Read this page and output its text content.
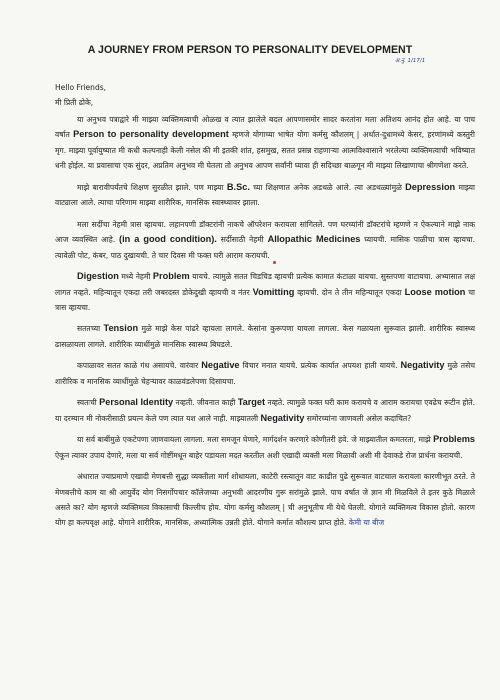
A JOURNEY FROM PERSON TO PERSONALITY DEVELOPMENT
अ.नु. 1/17/1

Hello Friends,

मी प्रिती ढोके,

या अनुभव पत्राद्वारे मी माझ्या व्यक्तिमत्वाची ओळख व त्यात झालेले बदल आपणासमोर सादर करतांना मला अतिशय आनंद होत आहे. या पाच वर्षात Person to personality development म्हणजे योगाच्या भाषेत योगः कर्मसु कौशलम् | अर्थात-दुधामध्ये केसर, हरणांमध्ये कस्तुरी मृग. माझ्या पूर्वायुष्यात मी कधी कल्पनाही केली नसेल की मी इतकी शांत, हसमुख, सतत प्रसन्न राहणाऱ्या आत्मविश्वासाने भरलेल्या व्यक्तिमत्वाची भविष्यात धनी होईल. या प्रवासाचा एक सुंदर, अप्रतिम अनुभव मी घेतला तो अनुभव आपण सर्वांनी घ्यावा ही सदिच्छा बाळगून मी माझ्या लिखाणाचा श्रीगणेशा करते.

माझे बारावीपर्यंतचे शिक्षण सुरळीत झाले. पण माझ्या B.Sc. च्या शिक्षणात अनेक अडथळे आले. त्या अडथळ्यांमुळे Depression माझ्या वाट्याला आले. त्याचा परिणाम माझ्या शारीरिक, मानसिक स्वास्थ्यावर झाला.

मला सर्दीचा नेहमी त्रास व्हायचा. लहानपणी डॉक्टरांनी नाकचे ऑपरेशन करायला सांगितले. पण घरच्यांनी डॉक्टरांचे म्हणणे न ऐकल्याने माझे नाक आज व्यवस्थित आहे. (in a good condition). सर्दीसाठी नेहमी Allopathic Medicines घ्यायची. मासिक पाळीचा त्रास व्हायचा. त्यावेळी पोट, कंबर, पाठ दुखायची. ते चार दिवस मी फक्त घरी आराम करायची.

Digestion मध्ये नेहमी Problem यायचे. त्यामुळे सतत चिडचिड व्हायची प्रत्येक कामात कंटाळा यायचा. सुस्तपणा वाटायचा. अभ्यासात लक्ष लागत नव्हते. महिन्यातून एकदा तरी जबरदस्त डोकेदुखी व्हायची व नंतर Vomitting व्हायची. दोन ते तीन महिन्यातून एकदा Loose motion चा त्रास व्हायचा.

सततच्या Tension मुळे माझे केस पांढरे व्हायला लागले. केसांना कुरूपणा यायला लागला. केस गळायला सुरूवात झाली. शारीरिक स्वास्थ्य ढासळायला लागले. शारीरिक व्याधींमुळे मानसिक स्वास्थ्य बिघडले.

कपाळावर सतत काळे गंध असायचे. वारंवार Negative विचार मनात यायचे. प्रत्येक कार्यात अपयश हाती यायचे. Negativity मुळे तसेच शारीरिक व मानसिक व्याधींमुळे चेहऱ्यावर काळवंडलेपणा दिसायचा.

स्वतःची Personal Identity नव्हती. जीवनात काही Target नव्हते. त्यामुळे फक्त घरी काम करायचे व आराम करायचा एवढेच रूटीन होते. या दरम्यान मी नोकरीसाठी प्रयत्न केले पण त्यात यश आले नाही. माझ्यातली Negativity समोरच्यांना जाणवली असेल कदाचित?

या सर्व बाबींमुळे एकटेपणा जाणवायला लागला. मला समजून घेणारे, मार्गदर्शन करणारे कोणीतरी हवे. जे माझ्यातील कमतरता, माझे Problems ऐकून त्यावर उपाय देणारे, मला या सर्व गोष्टींमधून बाहेर पडायला मदत करतील अशी एखादी व्यक्ती मला मिळावी अशी मी देवाकडे रोज प्रार्थना करायची.

अंधारात ज्याप्रमाणे एखादी मेणबत्ती सुद्धा व्यक्तीला मार्ग शोधायला, काटेरी रस्त्यातून वाट काढीत पुढे सुरूवात वाटचाल करायला कारणीभूत ठरते. ते मेणबत्तीचे काम या श्री आयुर्वेद योग निसर्गोपचार कॉलेजच्या अनुभवी आदरणीय गुरू सरांमुळे झाले. पाच वर्षात जे ज्ञान मी मिळविले ते इतर कुठे मिळाले असते का? योग म्हणजे व्यक्तिमत्व विकासाची किल्लीच होय. योगः कर्मसु कौशलम् | ची अनुभूतीच मी येथे घेतली. योगाने व्यक्तिमत्व विकास होतो. कारण योग हा कल्पवृक्ष आहे. योगाने शारीरिक, मानसिक, अध्यात्मिक उन्नती होते. योगाने कर्मात कौशल्य प्राप्त होते. केमी या बीज
